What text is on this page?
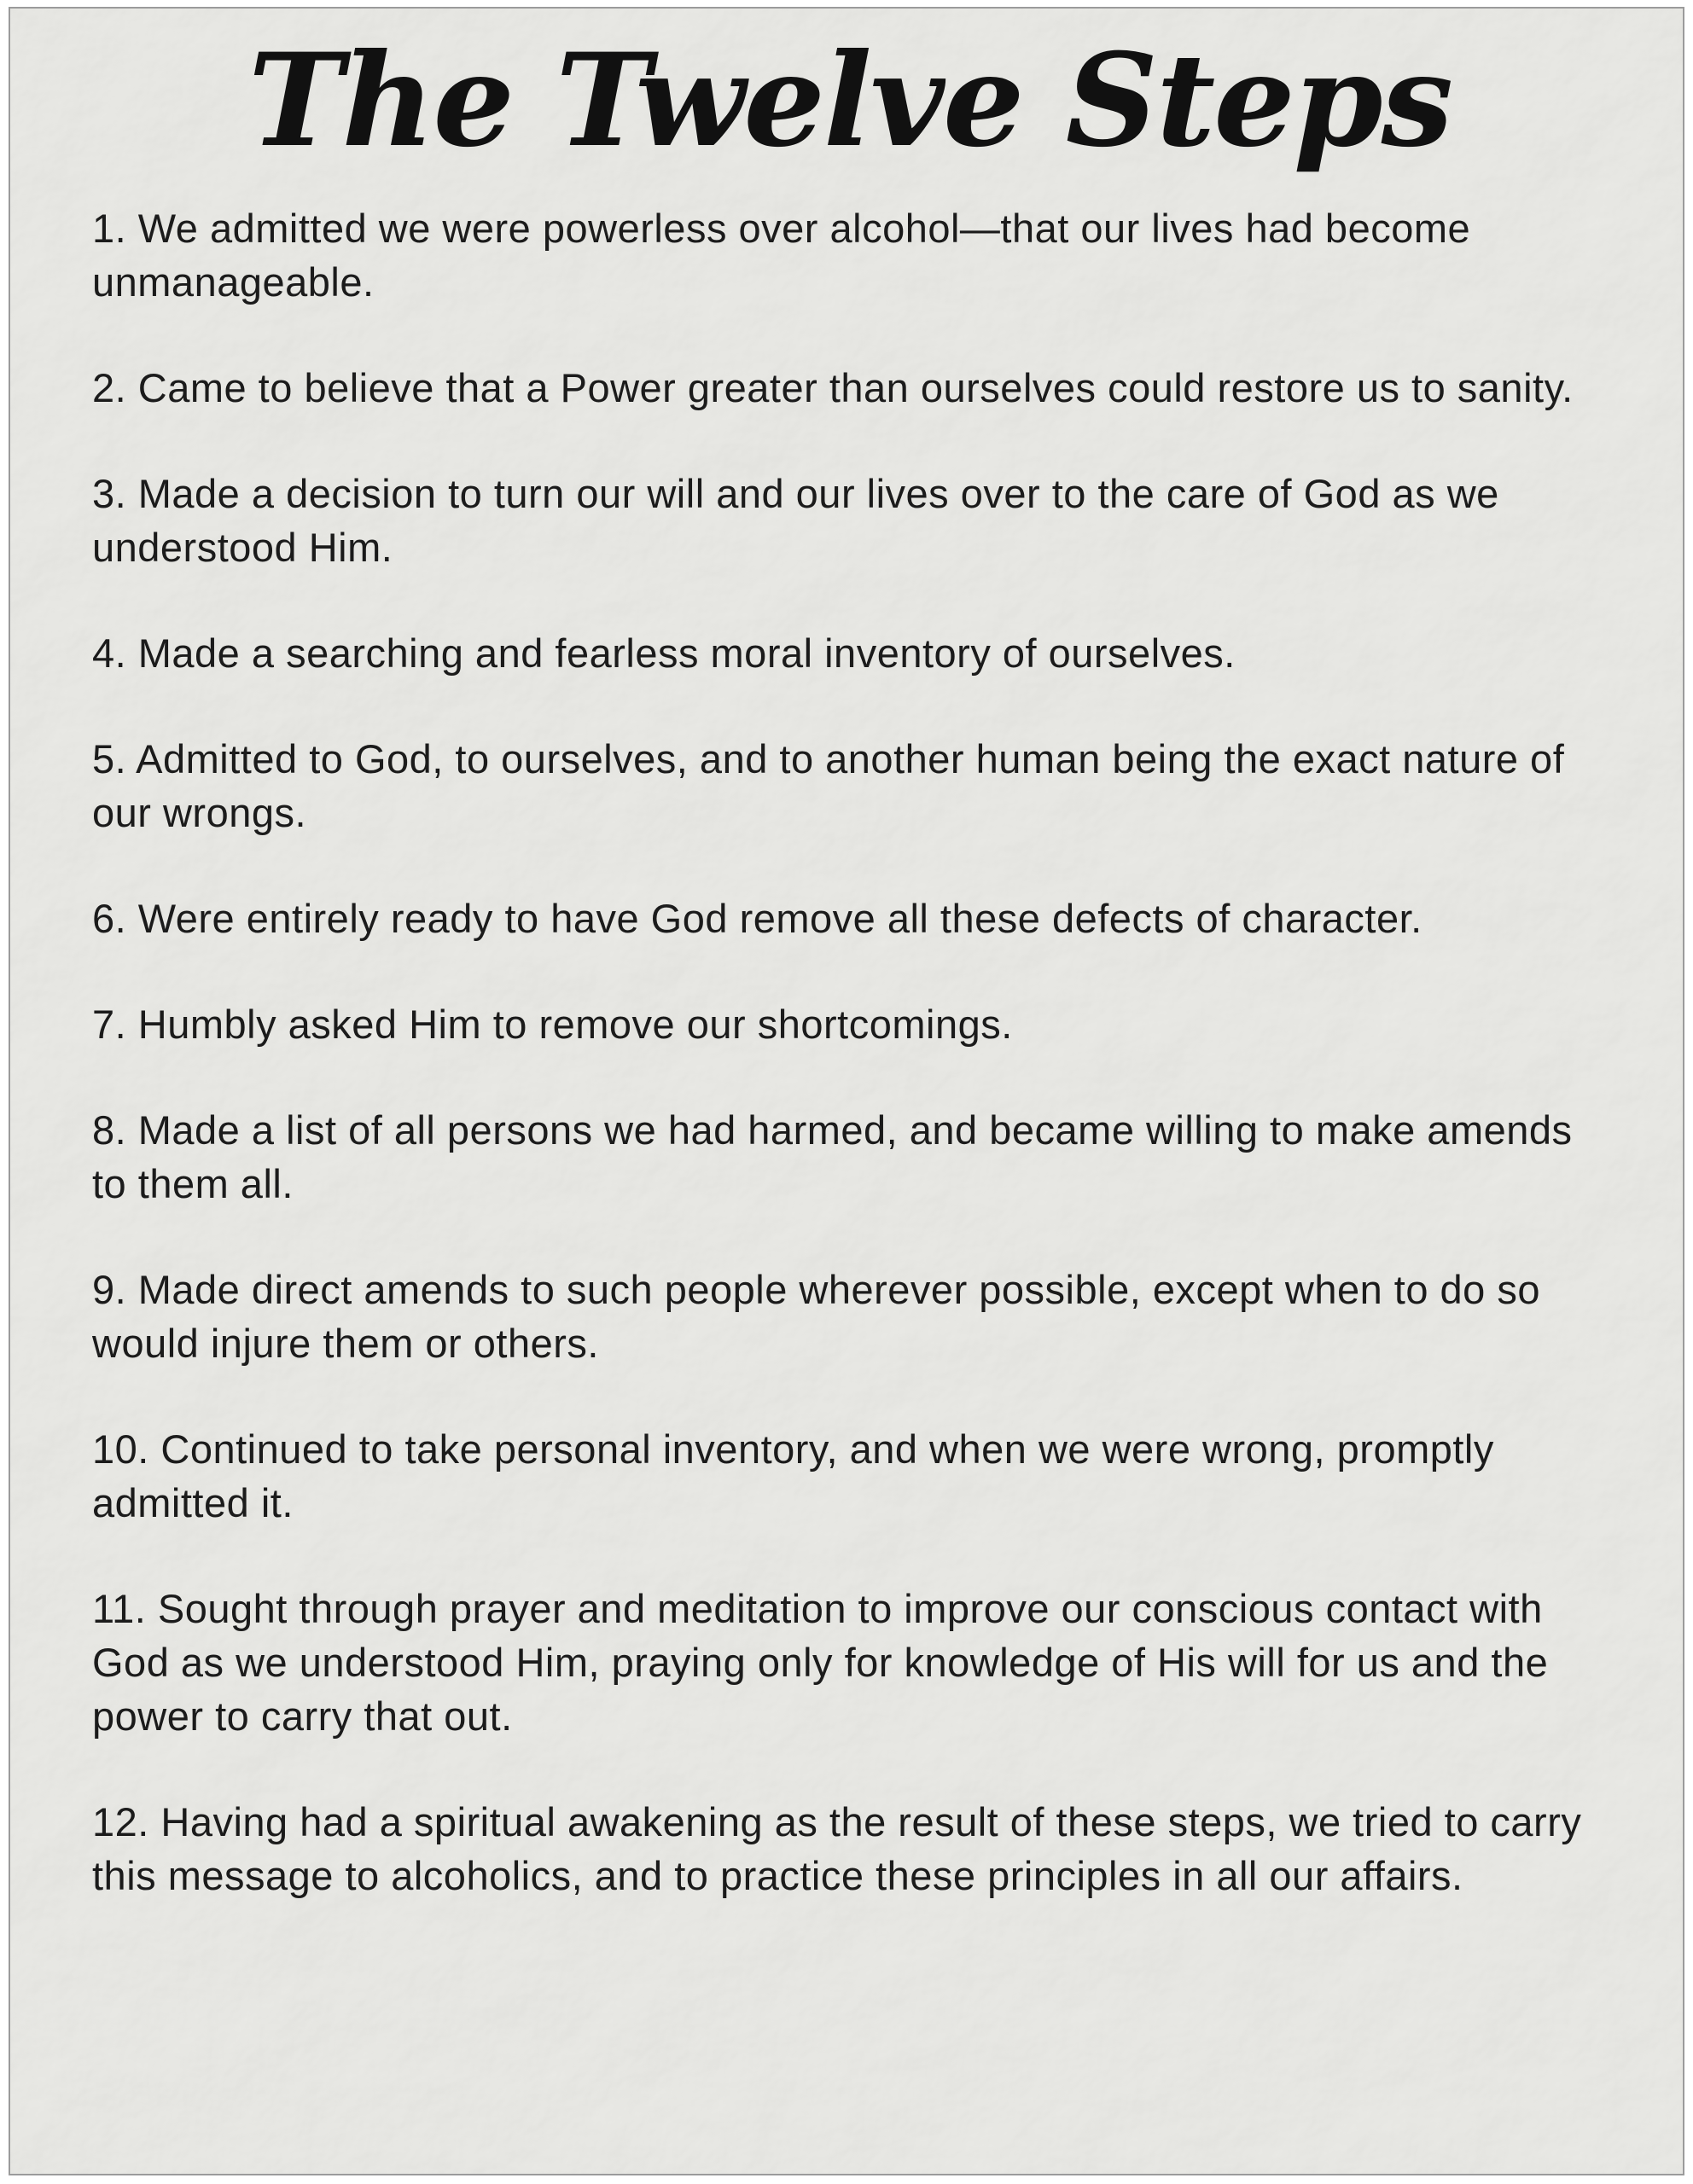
The Twelve Steps

1. We admitted we were powerless over alcohol—that our lives had become unmanageable.

2. Came to believe that a Power greater than ourselves could restore us to sanity.

3. Made a decision to turn our will and our lives over to the care of God as we understood Him.

4. Made a searching and fearless moral inventory of ourselves.

5. Admitted to God, to ourselves, and to another human being the exact nature of our wrongs.

6. Were entirely ready to have God remove all these defects of character.

7. Humbly asked Him to remove our shortcomings.

8. Made a list of all persons we had harmed, and became willing to make amends to them all.

9. Made direct amends to such people wherever possible, except when to do so would injure them or others.

10. Continued to take personal inventory, and when we were wrong, promptly admitted it.

11. Sought through prayer and meditation to improve our conscious contact with God as we understood Him, praying only for knowledge of His will for us and the power to carry that out.

12. Having had a spiritual awakening as the result of these steps, we tried to carry this message to alcoholics, and to practice these principles in all our affairs.
